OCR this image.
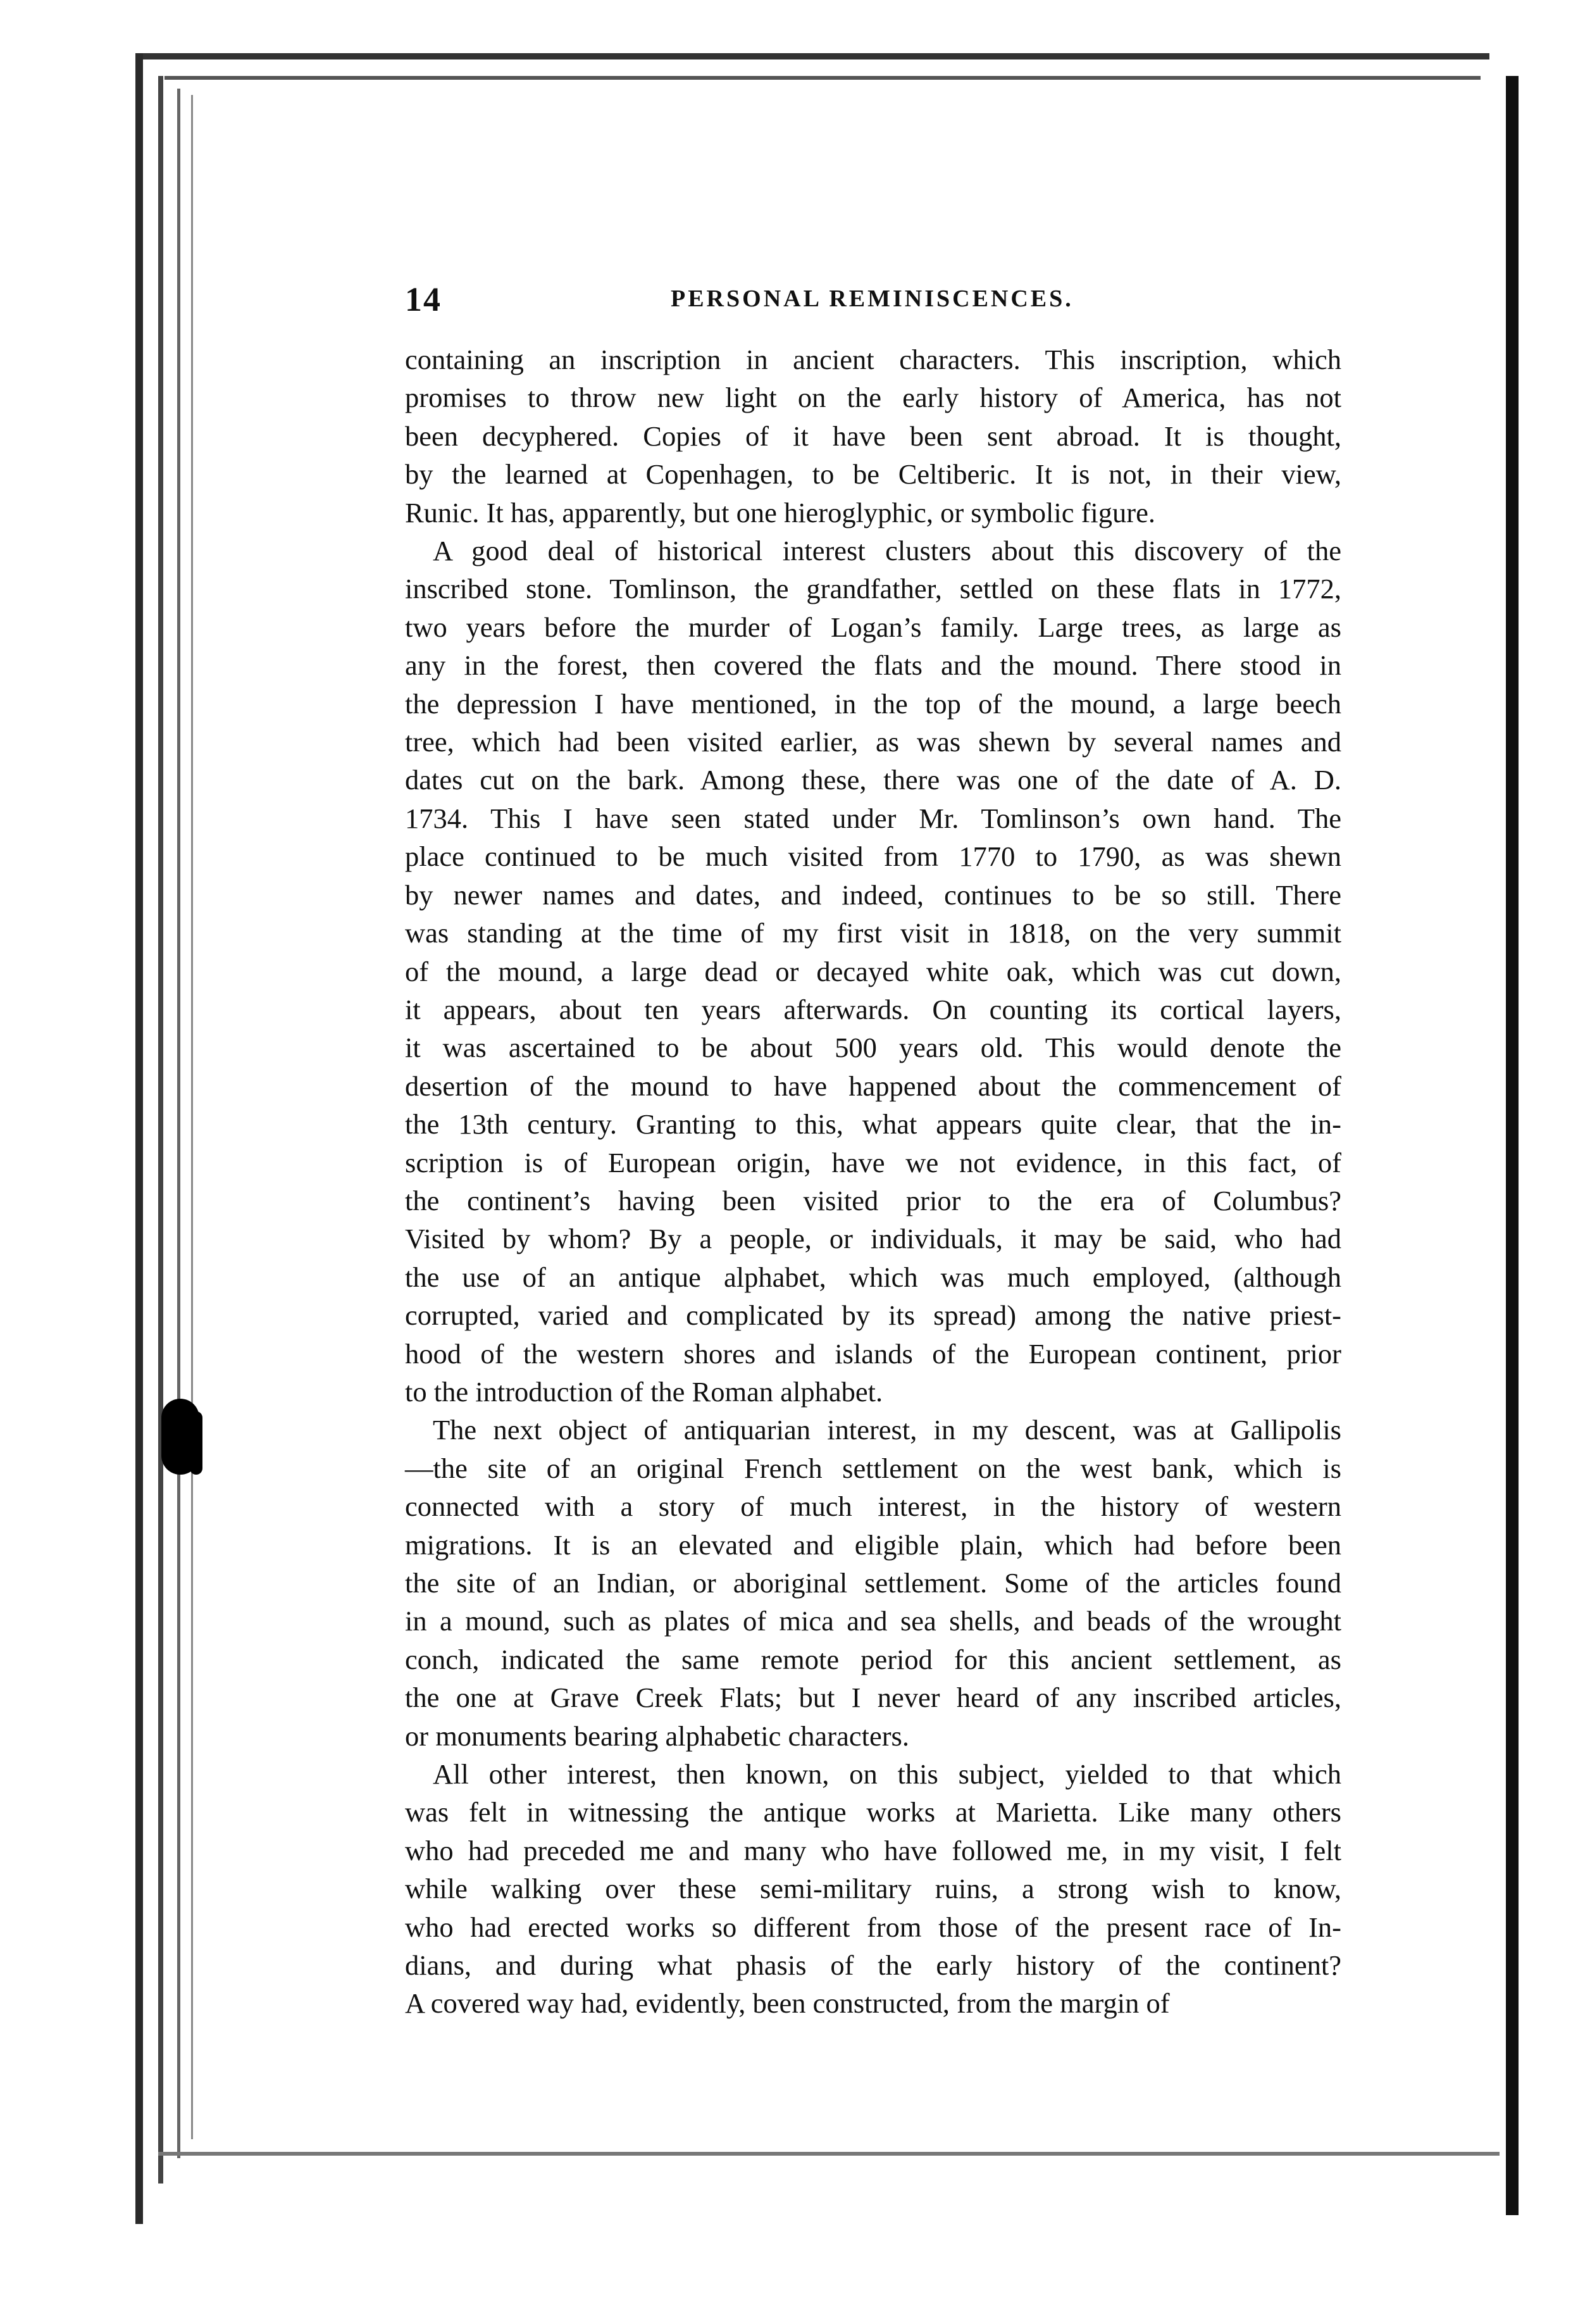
14	PERSONAL REMINISCENCES.

containing an inscription in ancient characters. This inscription, which
promises to throw new light on the early history of America, has not
been decyphered. Copies of it have been sent abroad. It is thought,
by the learned at Copenhagen, to be Celtiberic. It is not, in their view,
Runic. It has, apparently, but one hieroglyphic, or symbolic figure.

A good deal of historical interest clusters about this discovery of the
inscribed stone. Tomlinson, the grandfather, settled on these flats in 1772,
two years before the murder of Logan’s family. Large trees, as large as
any in the forest, then covered the flats and the mound. There stood in
the depression I have mentioned, in the top of the mound, a large beech
tree, which had been visited earlier, as was shewn by several names and
dates cut on the bark. Among these, there was one of the date of A. D.
1734. This I have seen stated under Mr. Tomlinson’s own hand. The
place continued to be much visited from 1770 to 1790, as was shewn
by newer names and dates, and indeed, continues to be so still. There
was standing at the time of my first visit in 1818, on the very summit
of the mound, a large dead or decayed white oak, which was cut down,
it appears, about ten years afterwards. On counting its cortical layers,
it was ascertained to be about 500 years old. This would denote the
desertion of the mound to have happened about the commencement of
the 13th century. Granting to this, what appears quite clear, that the in-
scription is of European origin, have we not evidence, in this fact, of
the continent’s having been visited prior to the era of Columbus?
Visited by whom? By a people, or individuals, it may be said, who had
the use of an antique alphabet, which was much employed, (although
corrupted, varied and complicated by its spread) among the native priest-
hood of the western shores and islands of the European continent, prior
to the introduction of the Roman alphabet.

The next object of antiquarian interest, in my descent, was at Gallipolis
—the site of an original French settlement on the west bank, which is
connected with a story of much interest, in the history of western
migrations. It is an elevated and eligible plain, which had before been
the site of an Indian, or aboriginal settlement. Some of the articles found
in a mound, such as plates of mica and sea shells, and beads of the wrought
conch, indicated the same remote period for this ancient settlement, as
the one at Grave Creek Flats; but I never heard of any inscribed articles,
or monuments bearing alphabetic characters.

All other interest, then known, on this subject, yielded to that which
was felt in witnessing the antique works at Marietta. Like many others
who had preceded me and many who have followed me, in my visit, I felt
while walking over these semi-military ruins, a strong wish to know,
who had erected works so different from those of the present race of In-
dians, and during what phasis of the early history of the continent?
A covered way had, evidently, been constructed, from the margin of
